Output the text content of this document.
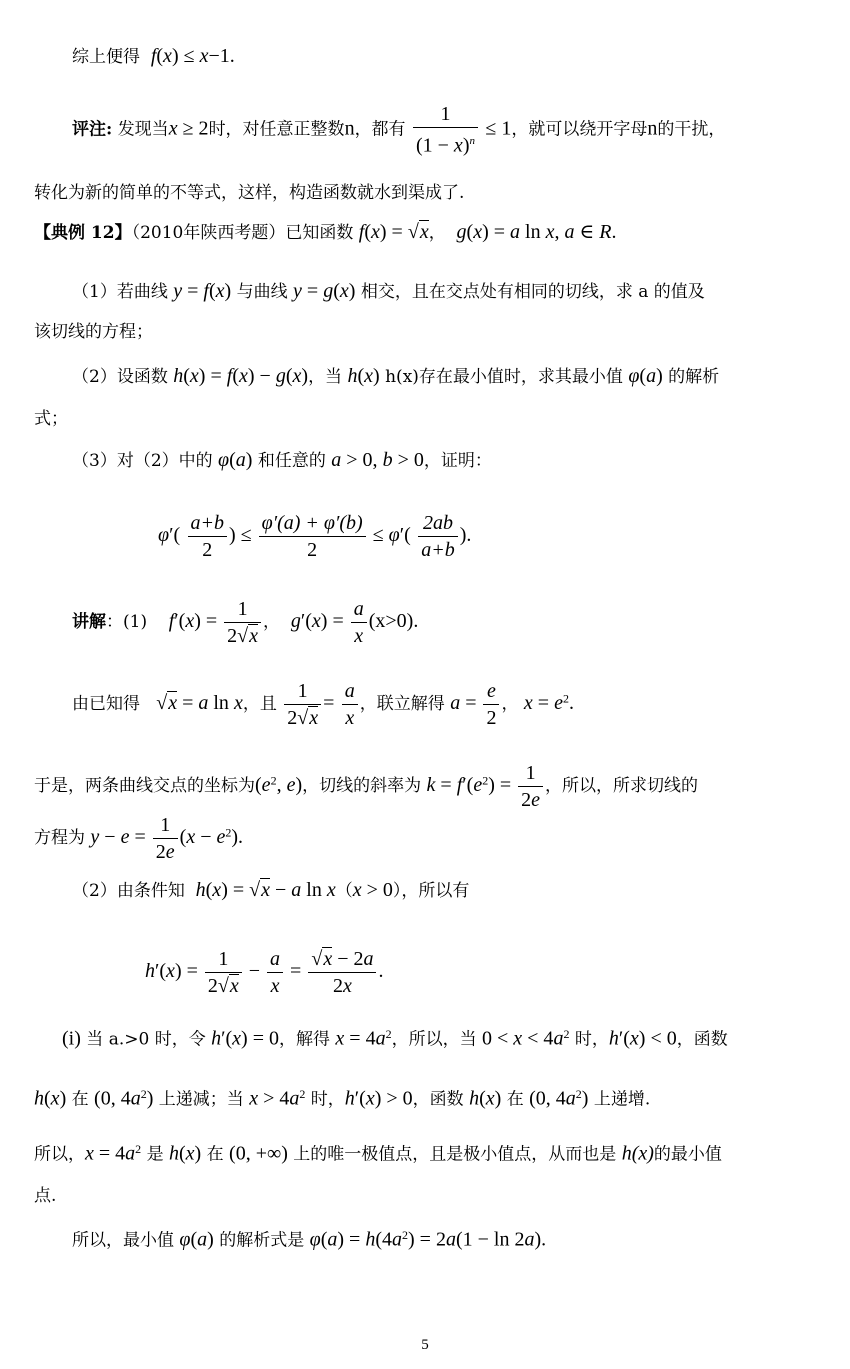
综上便得 f(x) ≤ x−1.
评注: 发现当x ≥ 2时，对任意正整数n，都有 $\frac{1}{(1 - x)^n} \le 1$，就可以绕开字母n的干扰，
转化为新的简单的不等式，这样，构造函数就水到渠成了.
【典例 12】（2010年陕西考题）已知函数 f(x) = √x，  g(x) = a ln x, a ∈ R.
（1）若曲线 y = f(x) 与曲线 y = g(x) 相交，且在交点处有相同的切线，求 a 的值及
该切线的方程；
（2）设函数 h(x) = f(x) − g(x)，当 h(x) h(x)存在最小值时，求其最小值 φ(a) 的解析
式；
（3）对（2）中的 φ(a) 和任意的 a > 0, b > 0，证明：
$\varphi'( \frac{a+b}{2}$ ) ≤ $\frac{\varphi'(a) + \varphi'(b)}{2} \le \varphi'( \frac{2ab}{a+b}$ ).
讲解：(1)    $f'(x) = \frac{1}{2√x}$ ，  $g'(x) = \frac{a}{x} (x>0)$.
由已知得   √x = a ln x，且 $\frac{1}{2√x} = \frac{a}{x}$ ，联立解得 $a = \frac{e}{2}$ ， $x = e^2$.
于是，两条曲线交点的坐标为($e^2$, e)，切线的斜率为 $k = f'(e^2) = \frac{1}{2e}$ ，所以，所求切线的
方程为 $y - e = \frac{1}{2e} (x - e^2)$.
（2）由条件知  h(x) = √x − a ln x（x > 0），所以有
$h'(x) = \frac{1}{2√x} - \frac{a}{x} = \frac{√x - 2a}{2x}$ .
(i) 当 a.>0 时，令 h′(x) = 0，解得 $x = 4a^2$，所以，当 $0 < x < 4a^2$ 时，h′(x) < 0，函数
h(x) 在 (0, $4a^2$) 上递减；当 $x > 4a^2$ 时，h′(x) > 0，函数 h(x) 在 (0, $4a^2$) 上递增.
所以，$x = 4a^2$ 是 h(x) 在 (0, +∞) 上的唯一极值点，且是极小值点，从而也是 h(x)的最小值
点.
所以，最小值 φ(a) 的解析式是 $\varphi(a) = h(4a^2) = 2a(1 - \ln 2a)$.
5
